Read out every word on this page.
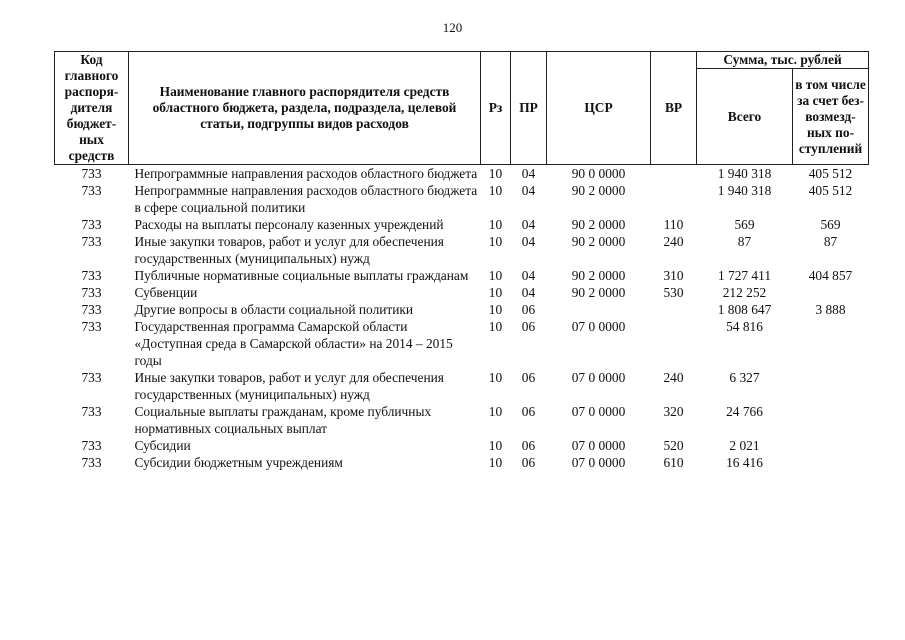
120
Код главного распоря-дителя бюджет-ных средств	Наименование главного распорядителя средств областного бюджета, раздела, подраздела, целевой статьи, подгруппы видов расходов	Рз	ПР	ЦСР	ВР	Сумма, тыс. рублей	
						Всего	в том числе за счет без-возмезд-ных по-ступлений
733	Непрограммные направления расходов областного бюджета	10	04	90 0 0000		1 940 318	405 512
733	Непрограммные направления расходов областного бюджета в сфере социальной политики	10	04	90 2 0000		1 940 318	405 512
733	Расходы на выплаты персоналу казенных учреждений	10	04	90 2 0000	110	569	569
733	Иные закупки товаров, работ и услуг для обеспечения государственных (муниципальных) нужд	10	04	90 2 0000	240	87	87
733	Публичные нормативные социальные выплаты гражданам	10	04	90 2 0000	310	1 727 411	404 857
733	Субвенции	10	04	90 2 0000	530	212 252	
733	Другие вопросы в области социальной политики	10	06			1 808 647	3 888
733	Государственная программа Самарской области «Доступная среда в Самарской области» на 2014 – 2015 годы	10	06	07 0 0000		54 816	
733	Иные закупки товаров, работ и услуг для обеспечения государственных (муниципальных) нужд	10	06	07 0 0000	240	6 327	
733	Социальные выплаты гражданам, кроме публичных нормативных социальных выплат	10	06	07 0 0000	320	24 766	
733	Субсидии	10	06	07 0 0000	520	2 021	
733	Субсидии бюджетным учреждениям	10	06	07 0 0000	610	16 416	
